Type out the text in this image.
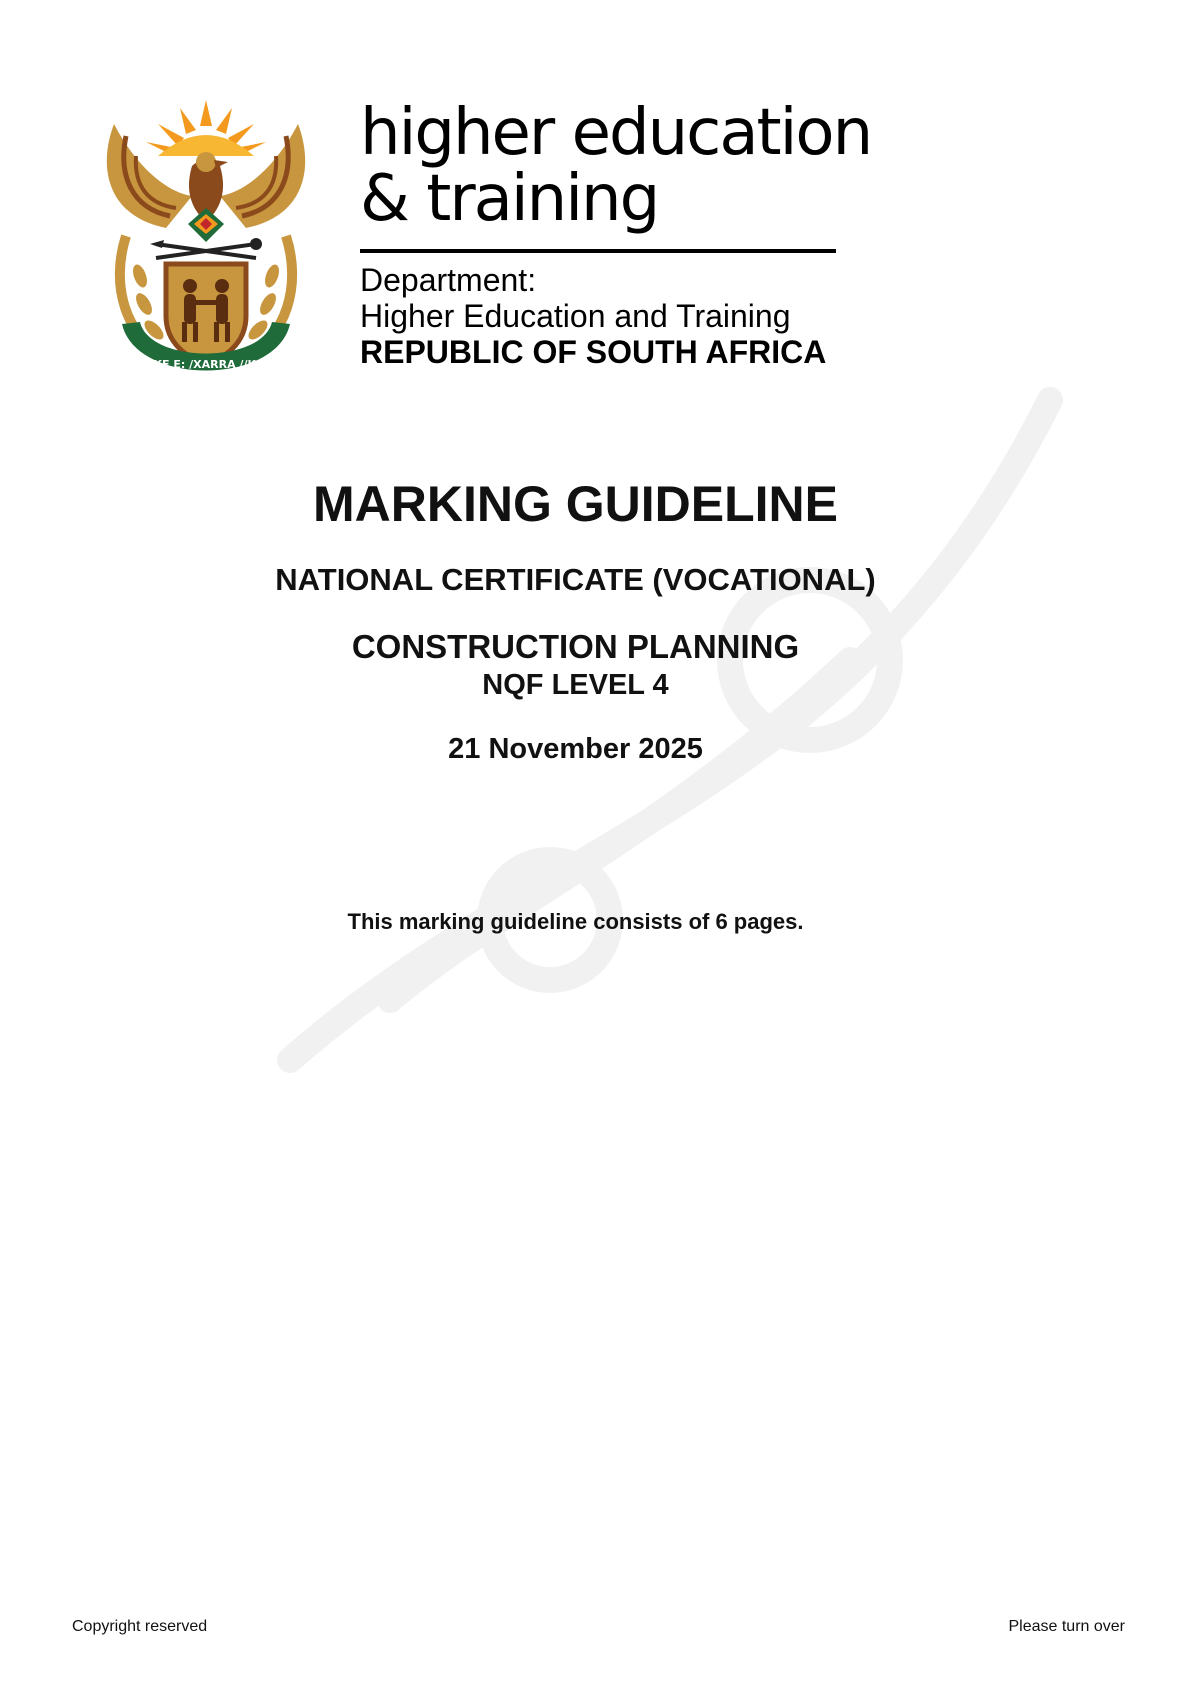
!KE E: /XARRA //KE
higher education
& training
Department:
Higher Education and Training
REPUBLIC OF SOUTH AFRICA
MARKING GUIDELINE
NATIONAL CERTIFICATE (VOCATIONAL)
CONSTRUCTION PLANNING
NQF LEVEL 4
21 November 2025
This marking guideline consists of 6 pages.
Copyright reserved	Please turn over
